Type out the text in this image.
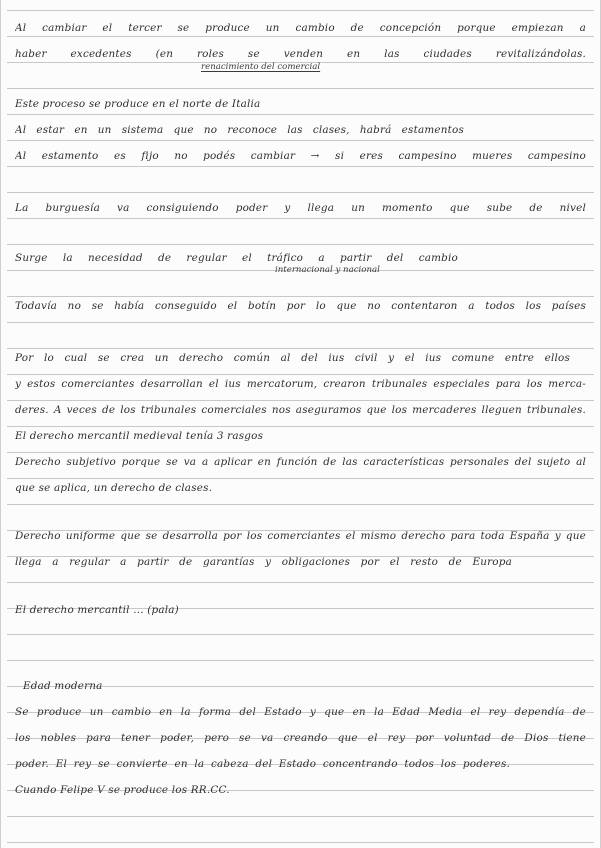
Al cambiar el tercer se produce un cambio de concepción porque empiezan a
haber excedentes (en roles se venden en las ciudades revitalizándolas.
renacimiento del comercial
Este proceso se produce en el norte de Italia
Al estar en un sistema que no reconoce las clases, habrá estamentos
Al estamento es fijo no podés cambiar → si eres campesino mueres campesino
La burguesía va consiguiendo poder y llega un momento que sube de nivel
Surge la necesidad de regular el tráfico a partir del cambio
internacional y nacional
Todavía no se había conseguido el botín por lo que no contentaron a todos los países
Por lo cual se crea un derecho común al del ius civil y el ius comune entre ellos
y estos comerciantes desarrollan el ius mercatorum, crearon tribunales especiales para los merca-
deres. A veces de los tribunales comerciales nos aseguramos que los mercaderes lleguen tribunales.
El derecho mercantil medieval tenía 3 rasgos
Derecho subjetivo porque se va a aplicar en función de las características personales del sujeto al
que se aplica, un derecho de clases.
Derecho uniforme que se desarrolla por los comerciantes el mismo derecho para toda España y que
llega a regular a partir de garantías y obligaciones por el resto de Europa
El derecho mercantil ... (pala)
Edad moderna
Se produce un cambio en la forma del Estado y que en la Edad Media el rey dependía de
los nobles para tener poder, pero se va creando que el rey por voluntad de Dios tiene
poder. El rey se convierte en la cabeza del Estado concentrando todos los poderes.
Cuando Felipe V se produce los RR.CC.
